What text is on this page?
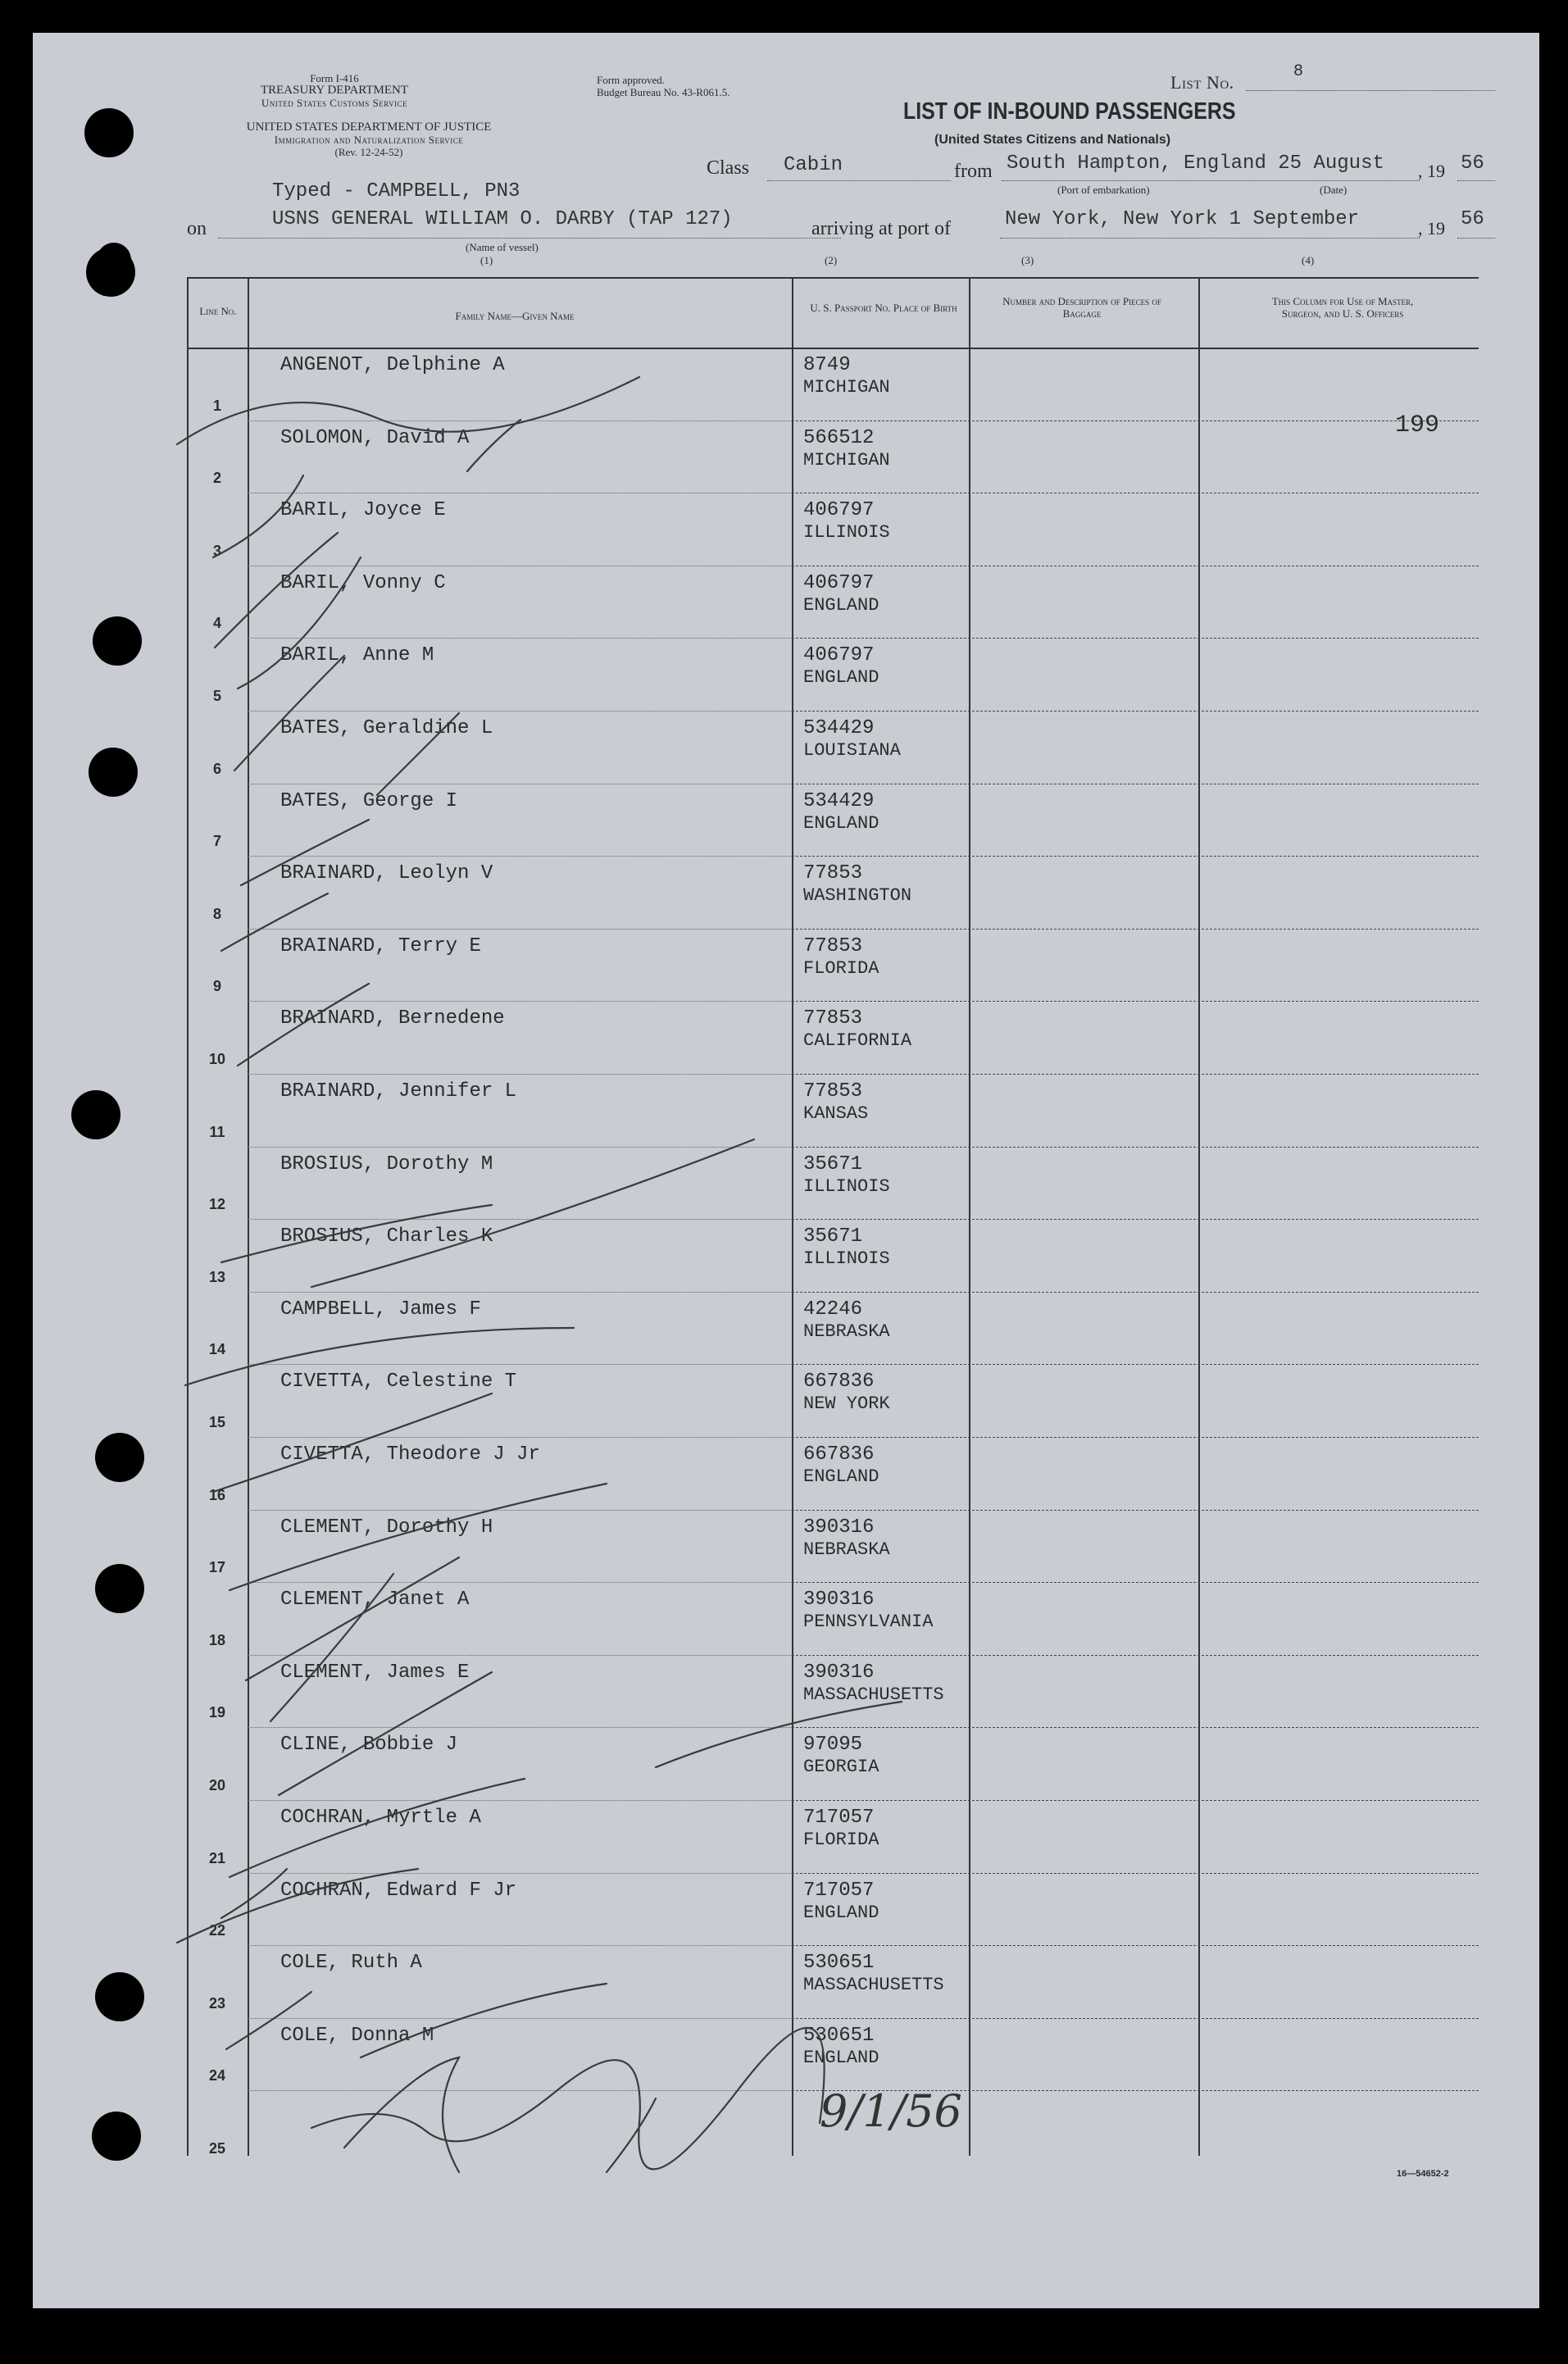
Form I-416
TREASURY DEPARTMENT
United States Customs Service
UNITED STATES DEPARTMENT OF JUSTICE
Immigration and Naturalization Service
(Rev. 12-24-52)
Form approved.
Budget Bureau No. 43-R061.5.	List No.
8
LIST OF IN-BOUND PASSENGERS
(United States Citizens and Nationals)
Class Cabin	from South Hampton, England 25 August , 19 56
(Port of embarkation)	(Date)
Typed - CAMPBELL, PN3
on	USNS GENERAL WILLIAM O. DARBY (TAP 127)
(Name of vessel)
(1)
arriving at port of
(2)
New York, New York 1 September	, 19 56
(3)	(4)
Line No.	Family Name—Given Name
U. S. Passport No. Place of Birth
Number and Description of Pieces of Baggage
This Column for Use of Master, Surgeon, and U. S. Officers
1
ANGENOT, Delphine A	8749
MICHIGAN
2
SOLOMON, David A	566512
MICHIGAN
3
BARIL, Joyce E	406797
ILLINOIS
4
BARIL, Vonny C	406797
ENGLAND
5
BARIL, Anne M	406797
ENGLAND
6
BATES, Geraldine L	534429
LOUISIANA
7
BATES, George I	534429
ENGLAND
8
BRAINARD, Leolyn V	77853
WASHINGTON
9
BRAINARD, Terry E	77853
FLORIDA
10
BRAINARD, Bernedene	77853
CALIFORNIA
11
BRAINARD, Jennifer L	77853
KANSAS
12
BROSIUS, Dorothy M	35671
ILLINOIS
13
BROSIUS, Charles K	35671
ILLINOIS
14
CAMPBELL, James F	42246
NEBRASKA
15
CIVETTA, Celestine T	667836
NEW YORK
16
CIVETTA, Theodore J Jr	667836
ENGLAND
17
CLEMENT, Dorothy H	390316
NEBRASKA
18
CLEMENT, Janet A	390316
PENNSYLVANIA
19
CLEMENT, James E	390316
MASSACHUSETTS
20
CLINE, Bobbie J	97095
GEORGIA
21
COCHRAN, Myrtle A	717057
FLORIDA
22
COCHRAN, Edward F Jr	717057
ENGLAND
23
COLE, Ruth A	530651
MASSACHUSETTS
24
COLE, Donna M	530651
ENGLAND
25
199
9/1/56
16—54652-2
